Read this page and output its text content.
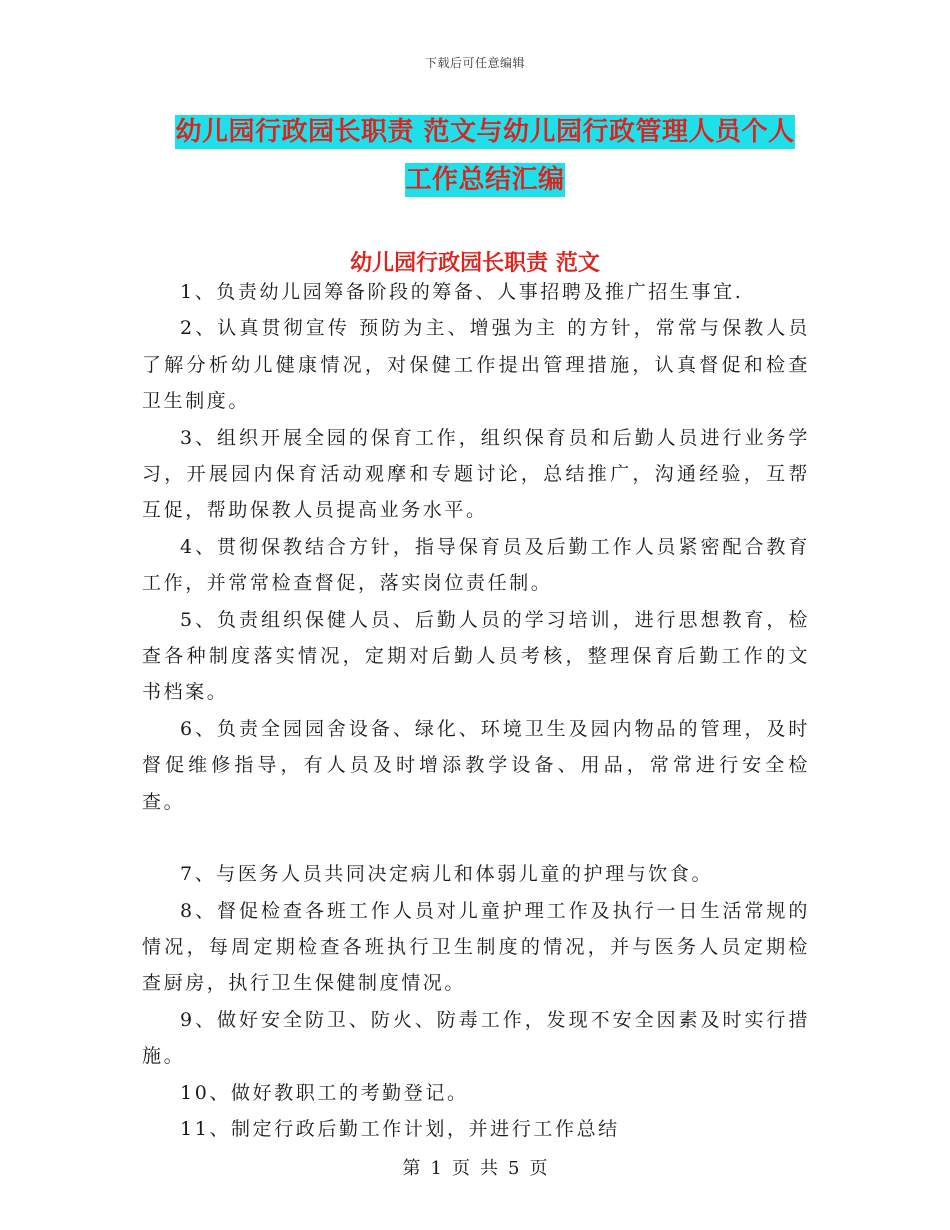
下载后可任意编辑
幼儿园行政园长职责 范文与幼儿园行政管理人员个人
工作总结汇编
幼儿园行政园长职责 范文

1、负责幼儿园筹备阶段的筹备、人事招聘及推广招生事宜.

2、认真贯彻宣传 预防为主、增强为主 的方针，常常与保教人员了解分析幼儿健康情况，对保健工作提出管理措施，认真督促和检查卫生制度。

3、组织开展全园的保育工作，组织保育员和后勤人员进行业务学习，开展园内保育活动观摩和专题讨论，总结推广，沟通经验，互帮互促，帮助保教人员提高业务水平。

4、贯彻保教结合方针，指导保育员及后勤工作人员紧密配合教育工作，并常常检查督促，落实岗位责任制。

5、负责组织保健人员、后勤人员的学习培训，进行思想教育，检查各种制度落实情况，定期对后勤人员考核，整理保育后勤工作的文书档案。

6、负责全园园舍设备、绿化、环境卫生及园内物品的管理，及时督促维修指导，有人员及时增添教学设备、用品，常常进行安全检查。

7、与医务人员共同决定病儿和体弱儿童的护理与饮食。

8、督促检查各班工作人员对儿童护理工作及执行一日生活常规的情况，每周定期检查各班执行卫生制度的情况，并与医务人员定期检查厨房，执行卫生保健制度情况。

9、做好安全防卫、防火、防毒工作，发现不安全因素及时实行措施。

10、做好教职工的考勤登记。

11、制定行政后勤工作计划，并进行工作总结

第 1 页 共 5 页
